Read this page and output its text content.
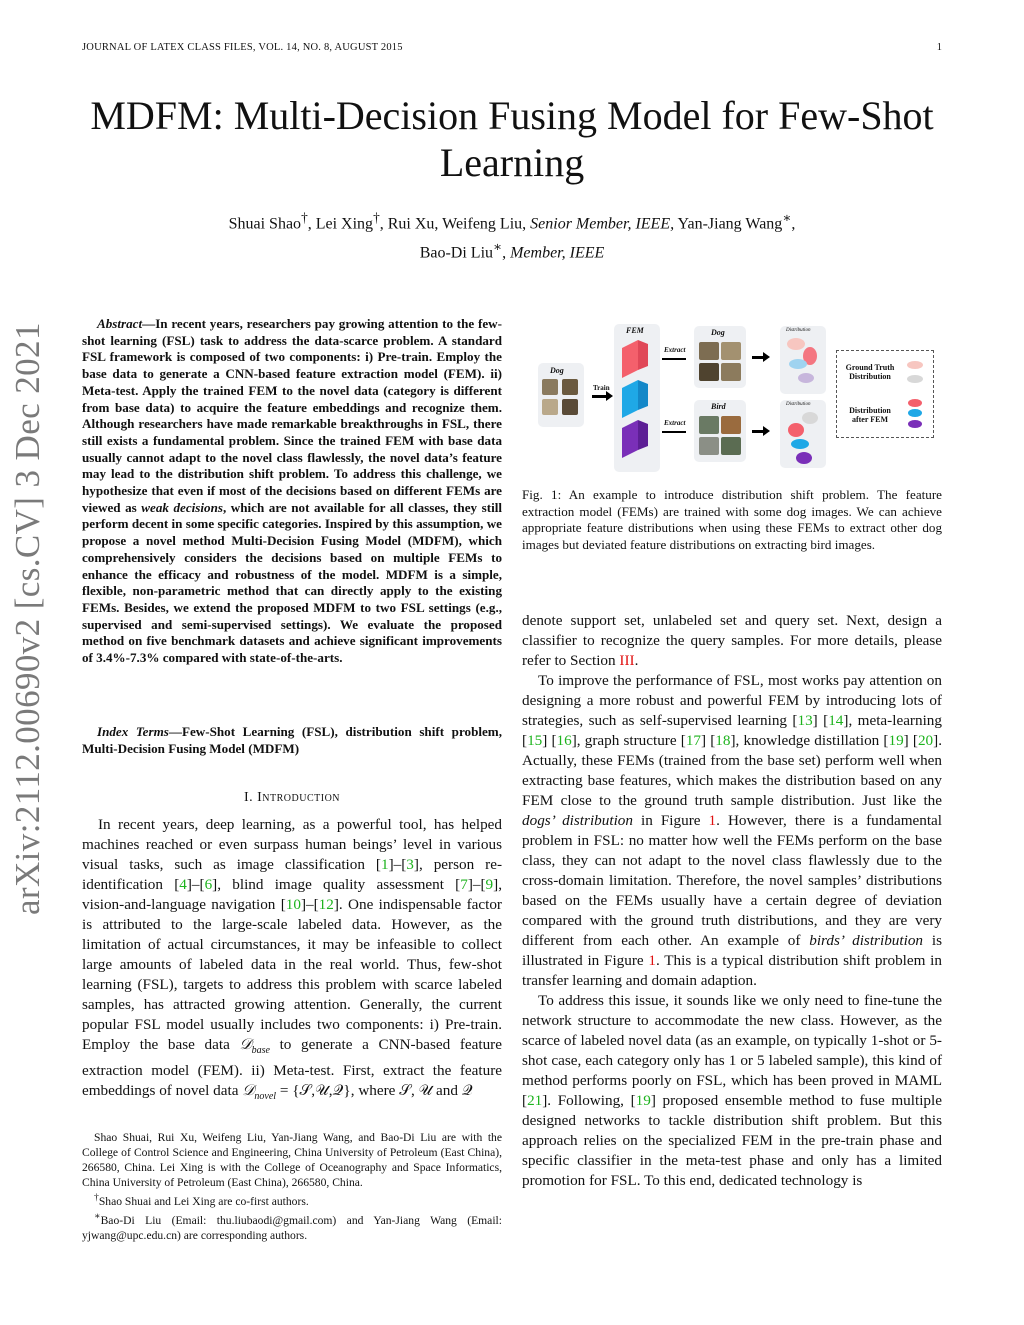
JOURNAL OF LATEX CLASS FILES, VOL. 14, NO. 8, AUGUST 2015	1
MDFM: Multi-Decision Fusing Model for Few-Shot Learning
Shuai Shao†, Lei Xing†, Rui Xu, Weifeng Liu, Senior Member, IEEE, Yan-Jiang Wang∗,
Bao-Di Liu∗, Member, IEEE
arXiv:2112.00690v2 [cs.CV] 3 Dec 2021	Abstract—In recent years, researchers pay growing attention to the few-shot learning (FSL) task to address the data-scarce problem. A standard FSL framework is composed of two components: i) Pre-train. Employ the base data to generate a CNN-based feature extraction model (FEM). ii) Meta-test. Apply the trained FEM to the novel data (category is different from base data) to acquire the feature embeddings and recognize them. Although researchers have made remarkable breakthroughs in FSL, there still exists a fundamental problem. Since the trained FEM with base data usually cannot adapt to the novel class flawlessly, the novel data’s feature may lead to the distribution shift problem. To address this challenge, we hypothesize that even if most of the decisions based on different FEMs are viewed as weak decisions, which are not available for all classes, they still perform decent in some specific categories. Inspired by this assumption, we propose a novel method Multi-Decision Fusing Model (MDFM), which comprehensively considers the decisions based on multiple FEMs to enhance the efficacy and robustness of the model. MDFM is a simple, flexible, non-parametric method that can directly apply to the existing FEMs. Besides, we extend the proposed MDFM to two FSL settings (e.g., supervised and semi-supervised settings). We evaluate the proposed method on five benchmark datasets and achieve significant improvements of 3.4%-7.3% compared with state-of-the-arts.

Index Terms—Few-Shot Learning (FSL), distribution shift problem, Multi-Decision Fusing Model (MDFM)
I. Introduction

In recent years, deep learning, as a powerful tool, has helped machines reached or even surpass human beings’ level in various visual tasks, such as image classification [1]–[3], person re-identification [4]–[6], blind image quality assessment [7]–[9], vision-and-language navigation [10]–[12]. One indispensable factor is attributed to the large-scale labeled data. However, as the limitation of actual circumstances, it may be infeasible to collect large amounts of labeled data in the real world. Thus, few-shot learning (FSL), targets to address this problem with scarce labeled samples, has attracted growing attention. Generally, the current popular FSL model usually includes two components: i) Pre-train. Employ the base data 𝒟$_{base}$ to generate a CNN-based feature extraction model (FEM). ii) Meta-test. First, extract the feature embeddings of novel data 𝒟$_{novel}$ = {𝒮,𝒰,𝒬}, where 𝒮, 𝒰 and 𝒬

Shao Shuai, Rui Xu, Weifeng Liu, Yan-Jiang Wang, and Bao-Di Liu are with the College of Control Science and Engineering, China University of Petroleum (East China), 266580, China. Lei Xing is with the College of Oceanography and Space Informatics, China University of Petroleum (East China), 266580, China.

†Shao Shuai and Lei Xing are co-first authors.

∗Bao-Di Liu (Email: thu.liubaodi@gmail.com) and Yan-Jiang Wang (Email: yjwang@upc.edu.cn) are corresponding authors.

Dog
Train
FEM
Extract
Extract
Dog
Bird
Distribution
Distribution
Ground Truth
Distribution
Distribution
after FEM
Fig. 1: An example to introduce distribution shift problem. The feature extraction model (FEMs) are trained with some dog images. We can achieve appropriate feature distributions when using these FEMs to extract other dog images but deviated feature distributions on extracting bird images.

denote support set, unlabeled set and query set. Next, design a classifier to recognize the query samples. For more details, please refer to Section III.

To improve the performance of FSL, most works pay attention on designing a more robust and powerful FEM by introducing lots of strategies, such as self-supervised learning [13] [14], meta-learning [15] [16], graph structure [17] [18], knowledge distillation [19] [20]. Actually, these FEMs (trained from the base set) perform well when extracting base features, which makes the distribution based on any FEM close to the ground truth sample distribution. Just like the dogs’ distribution in Figure 1. However, there is a fundamental problem in FSL: no matter how well the FEMs perform on the base class, they can not adapt to the novel class flawlessly due to the cross-domain limitation. Therefore, the novel samples’ distributions based on the FEMs usually have a certain degree of deviation compared with the ground truth distributions, and they are very different from each other. An example of birds’ distribution is illustrated in Figure 1. This is a typical distribution shift problem in transfer learning and domain adaption.

To address this issue, it sounds like we only need to fine-tune the network structure to accommodate the new class. However, as the scarce of labeled novel data (as an example, on typically 1-shot or 5-shot case, each category only has 1 or 5 labeled sample), this kind of method performs poorly on FSL, which has been proved in MAML [21]. Following, [19] proposed ensemble method to fuse multiple designed networks to tackle distribution shift problem. But this approach relies on the specialized FEM in the pre-train phase and specific classifier in the meta-test phase and only has a limited promotion for FSL. To this end, dedicated technology is
